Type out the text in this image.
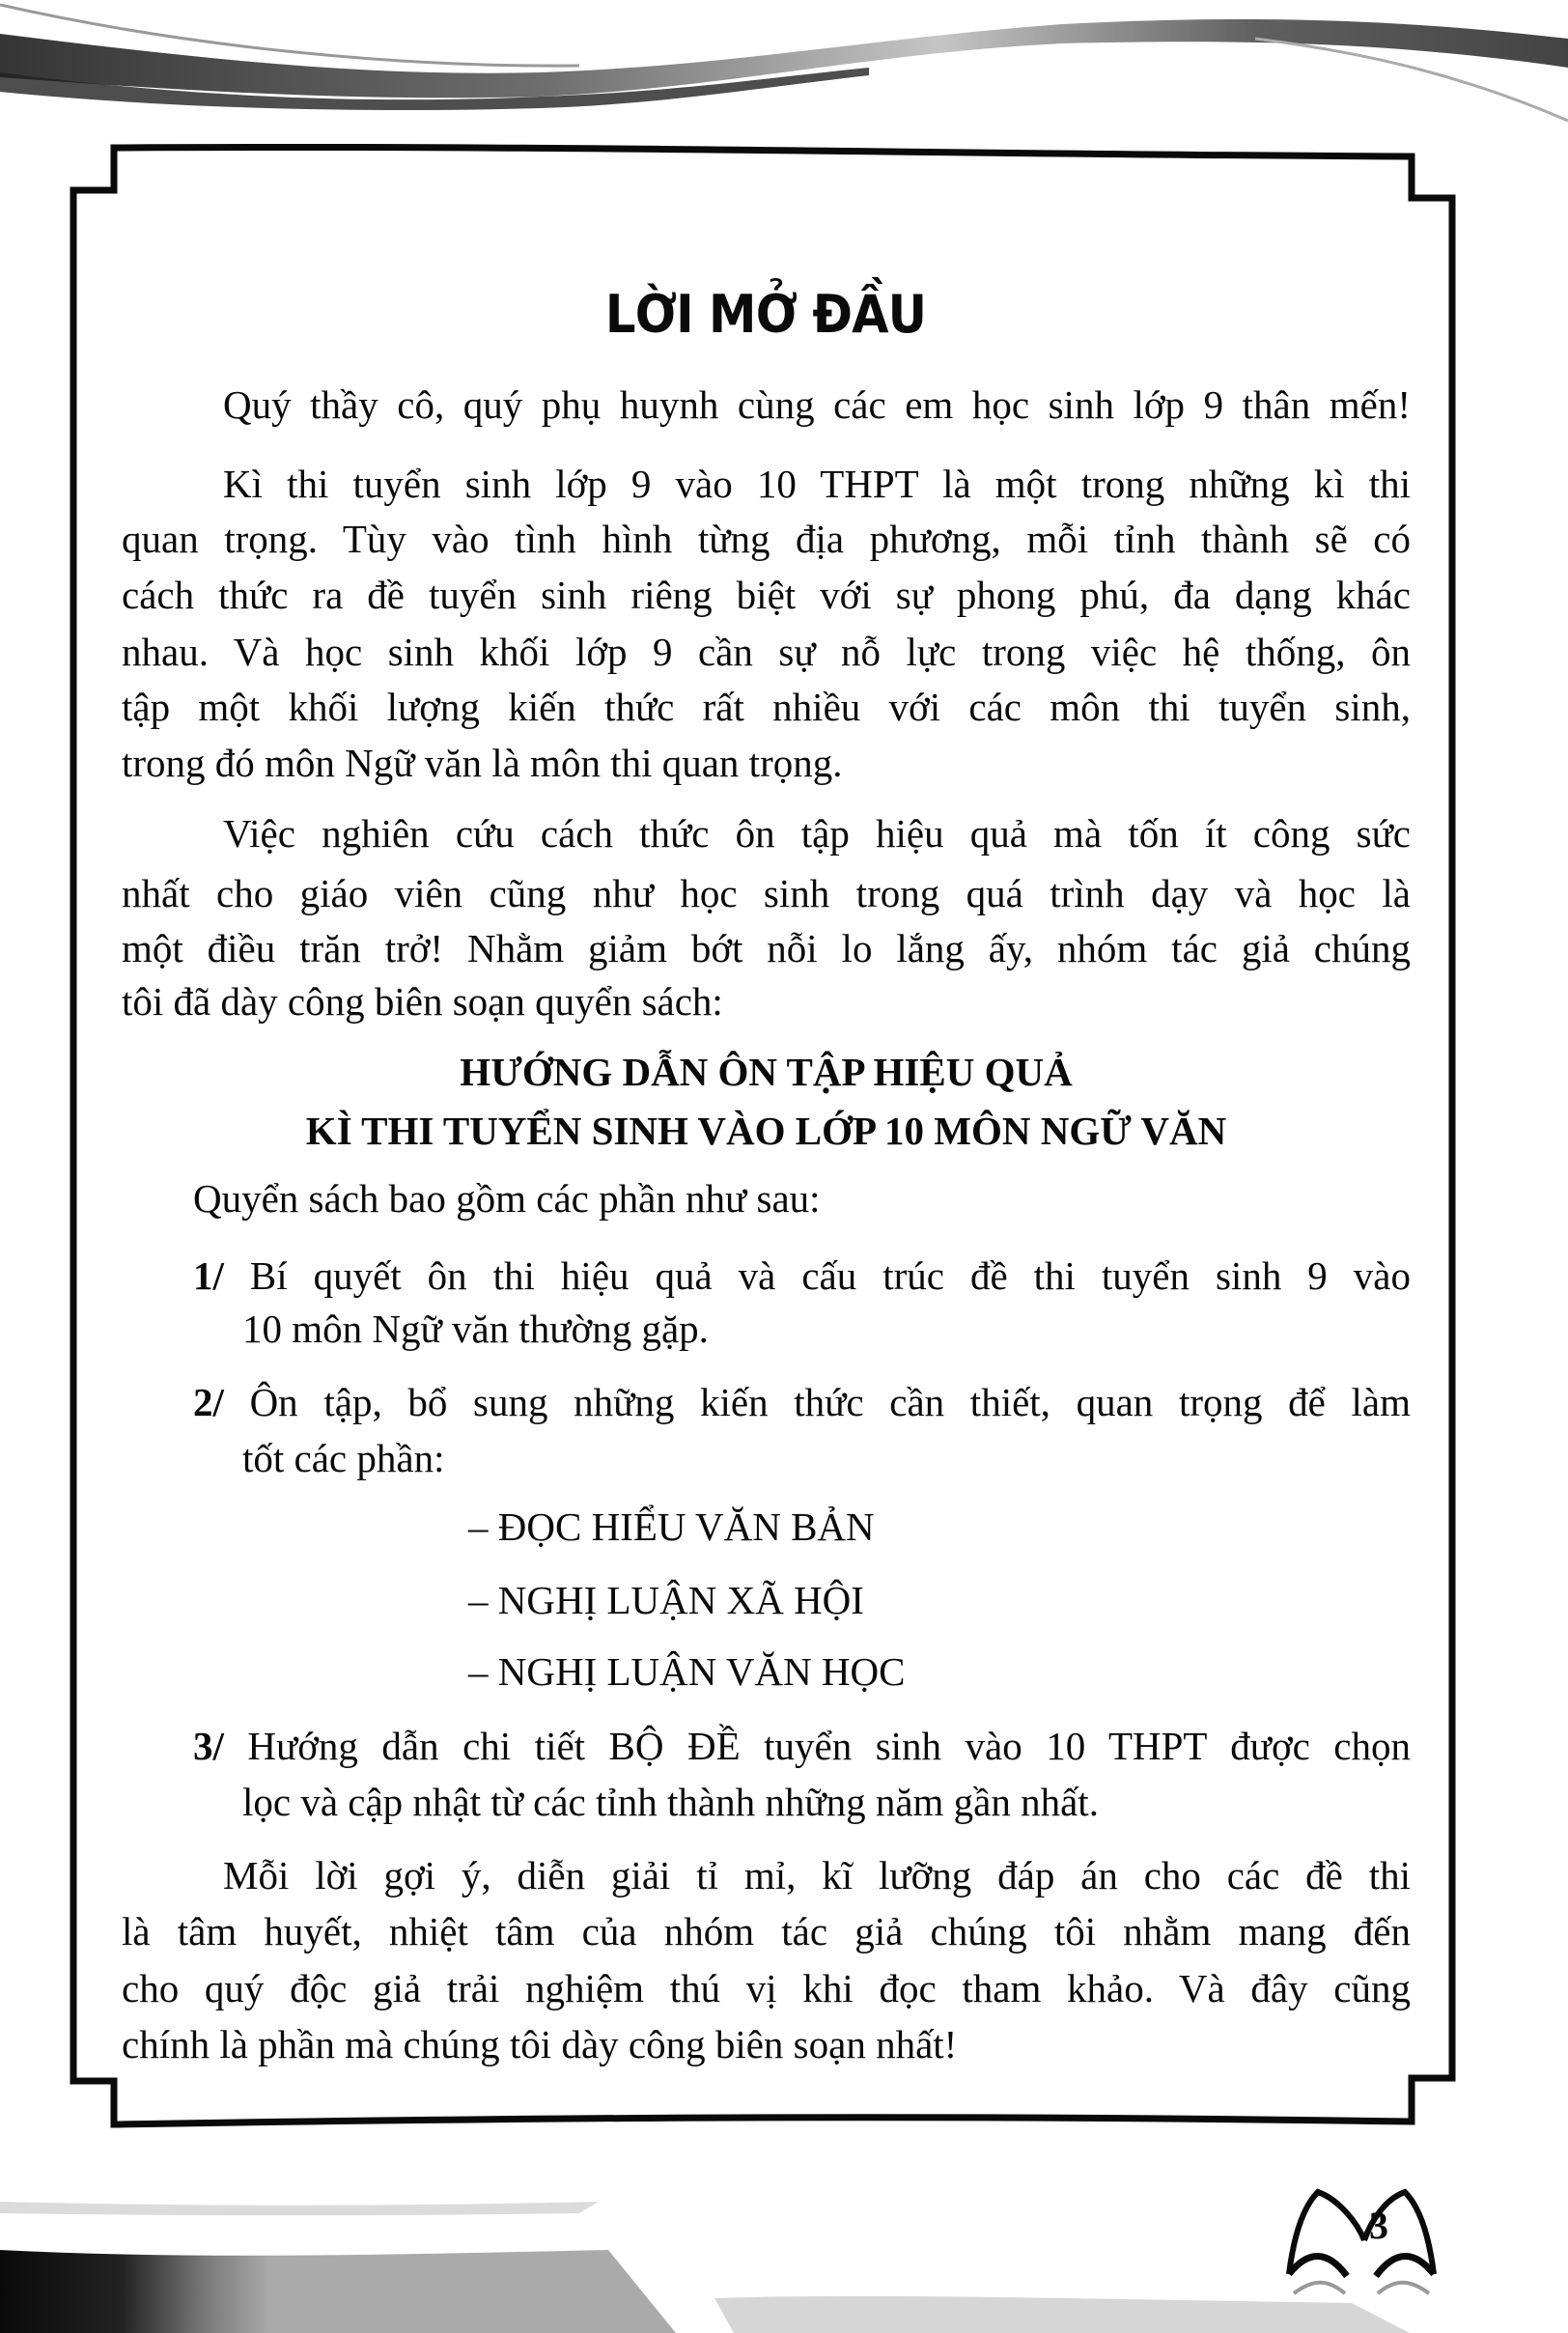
3
LỜI MỞ ĐẦU
Quý thầy cô, quý phụ huynh cùng các em học sinh lớp 9 thân mến!
Kì thi tuyển sinh lớp 9 vào 10 THPT là một trong những kì thi
quan trọng. Tùy vào tình hình từng địa phương, mỗi tỉnh thành sẽ có
cách thức ra đề tuyển sinh riêng biệt với sự phong phú, đa dạng khác
nhau. Và học sinh khối lớp 9 cần sự nỗ lực trong việc hệ thống, ôn
tập một khối lượng kiến thức rất nhiều với các môn thi tuyển sinh,
trong đó môn Ngữ văn là môn thi quan trọng.
Việc nghiên cứu cách thức ôn tập hiệu quả mà tốn ít công sức
nhất cho giáo viên cũng như học sinh trong quá trình dạy và học là
một điều trăn trở! Nhằm giảm bớt nỗi lo lắng ấy, nhóm tác giả chúng
tôi đã dày công biên soạn quyển sách:
HƯỚNG DẪN ÔN TẬP HIỆU QUẢ
KÌ THI TUYỂN SINH VÀO LỚP 10 MÔN NGỮ VĂN
Quyển sách bao gồm các phần như sau:
1/ Bí quyết ôn thi hiệu quả và cấu trúc đề thi tuyển sinh 9 vào
10 môn Ngữ văn thường gặp.
2/ Ôn tập, bổ sung những kiến thức cần thiết, quan trọng để làm
tốt các phần:
– ĐỌC HIỂU VĂN BẢN
– NGHỊ LUẬN XÃ HỘI
– NGHỊ LUẬN VĂN HỌC
3/ Hướng dẫn chi tiết BỘ ĐỀ tuyển sinh vào 10 THPT được chọn
lọc và cập nhật từ các tỉnh thành những năm gần nhất.
Mỗi lời gợi ý, diễn giải tỉ mỉ, kĩ lưỡng đáp án cho các đề thi
là tâm huyết, nhiệt tâm của nhóm tác giả chúng tôi nhằm mang đến
cho quý độc giả trải nghiệm thú vị khi đọc tham khảo. Và đây cũng
chính là phần mà chúng tôi dày công biên soạn nhất!
